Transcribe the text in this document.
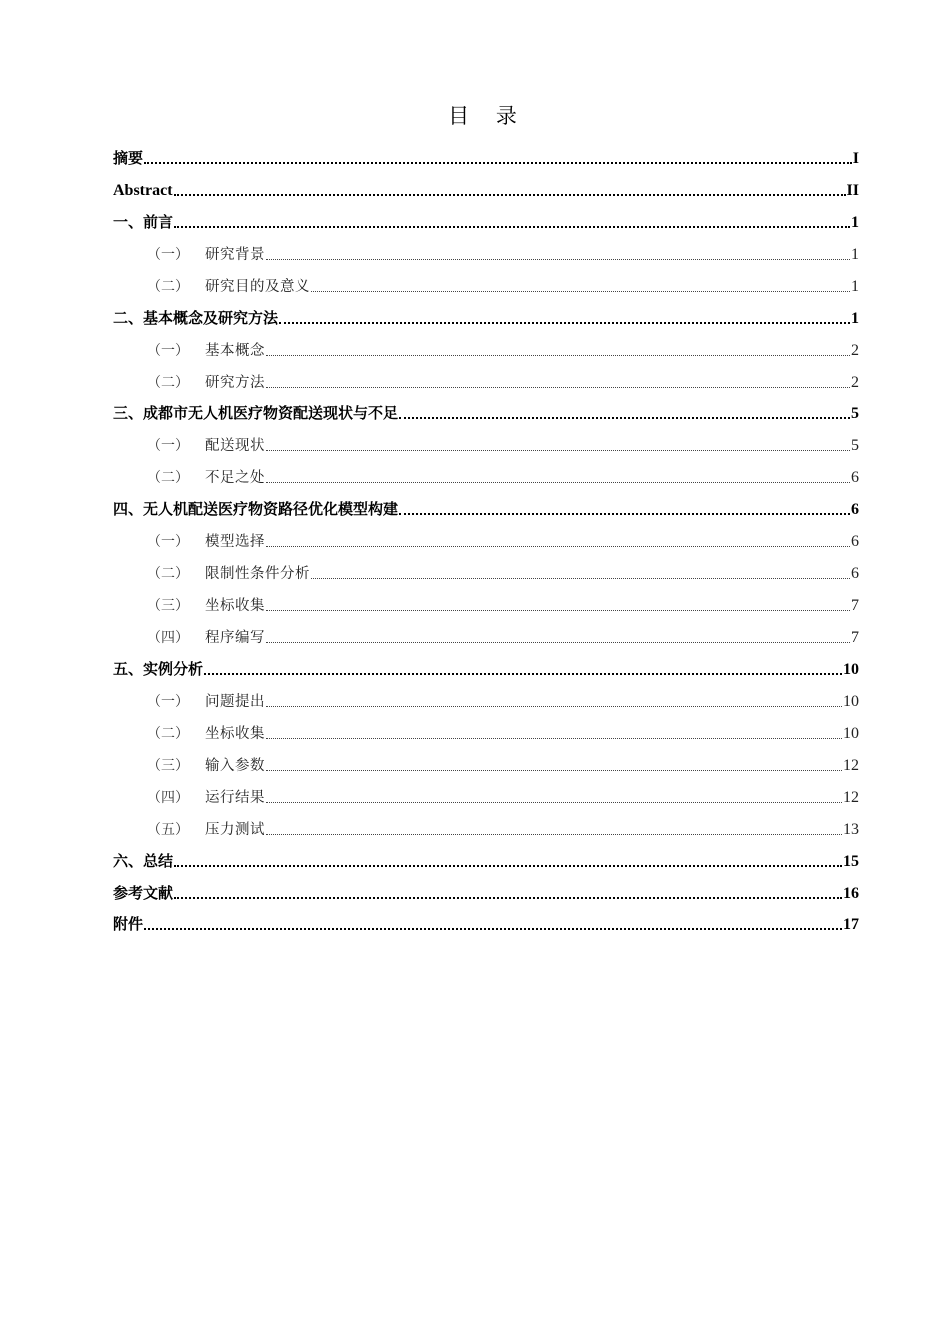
目 录
摘要	I
Abstract	II
一、前言	1
（一） 研究背景	1
（二） 研究目的及意义	1
二、基本概念及研究方法	1
（一） 基本概念	2
（二） 研究方法	2
三、成都市无人机医疗物资配送现状与不足	5
（一） 配送现状	5
（二） 不足之处	6
四、无人机配送医疗物资路径优化模型构建	6
（一） 模型选择	6
（二） 限制性条件分析	6
（三） 坐标收集	7
（四） 程序编写	7
五、实例分析	10
（一） 问题提出	10
（二） 坐标收集	10
（三） 输入参数	12
（四） 运行结果	12
（五） 压力测试	13
六、总结	15
参考文献	16
附件	17
